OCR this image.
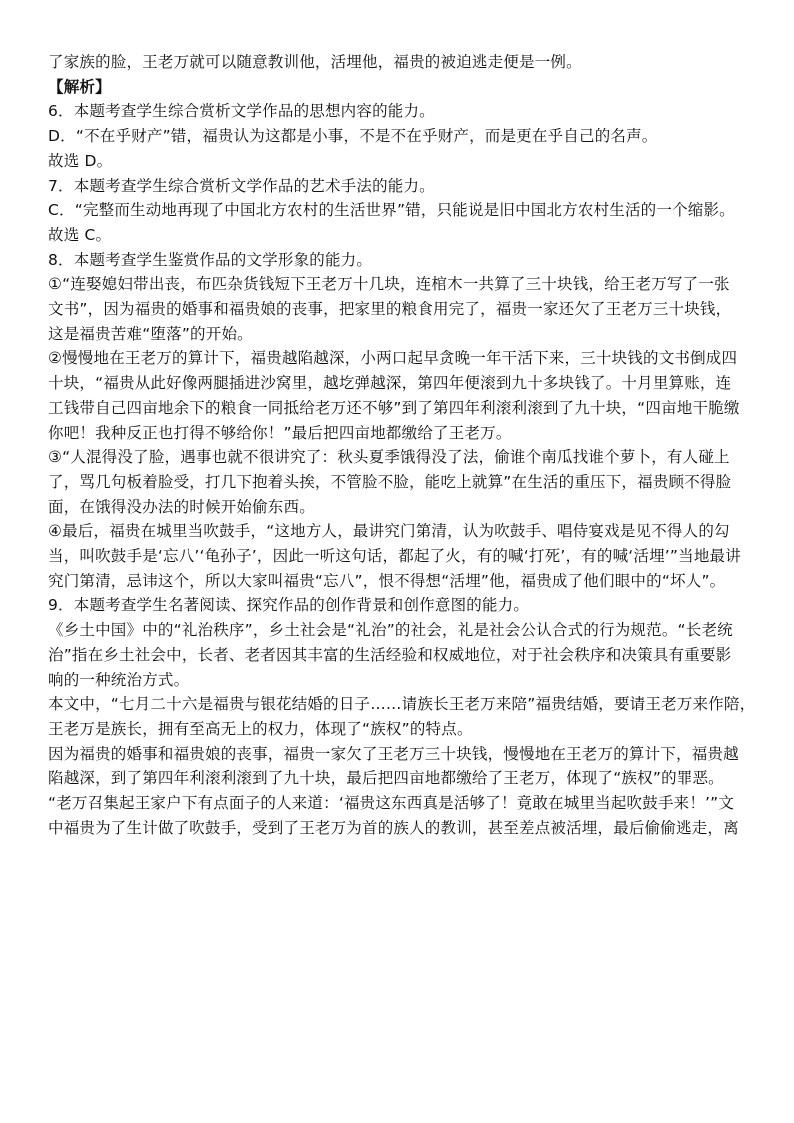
了家族的脸，王老万就可以随意教训他，活埋他，福贵的被迫逃走便是一例。

【解析】

6．本题考查学生综合赏析文学作品的思想内容的能力。

D．“不在乎财产”错，福贵认为这都是小事，不是不在乎财产，而是更在乎自己的名声。

故选 D。

7．本题考查学生综合赏析文学作品的艺术手法的能力。

C．“完整而生动地再现了中国北方农村的生活世界”错，只能说是旧中国北方农村生活的一个缩影。

故选 C。

8．本题考查学生鉴赏作品的文学形象的能力。

①“连娶媳妇带出丧，布匹杂货钱短下王老万十几块，连棺木一共算了三十块钱，给王老万写了一张

文书”，因为福贵的婚事和福贵娘的丧事，把家里的粮食用完了，福贵一家还欠了王老万三十块钱，

这是福贵苦难“堕落”的开始。

②慢慢地在王老万的算计下，福贵越陷越深，小两口起早贪晚一年干活下来，三十块钱的文书倒成四

十块，“福贵从此好像两腿插进沙窝里，越圪弹越深，第四年便滚到九十多块钱了。十月里算账，连

工钱带自己四亩地余下的粮食一同抵给老万还不够”到了第四年利滚利滚到了九十块，“四亩地干脆缴

你吧！我种反正也打得不够给你！”最后把四亩地都缴给了王老万。

③“人混得没了脸，遇事也就不很讲究了：秋头夏季饿得没了法，偷谁个南瓜找谁个萝卜，有人碰上

了，骂几句板着脸受，打几下抱着头挨，不管脸不脸，能吃上就算”在生活的重压下，福贵顾不得脸

面，在饿得没办法的时候开始偷东西。

④最后，福贵在城里当吹鼓手，“这地方人，最讲究门第清，认为吹鼓手、唱侍宴戏是见不得人的勾

当，叫吹鼓手是‘忘八’‘龟孙子’，因此一听这句话，都起了火，有的喊‘打死’，有的喊‘活埋’”当地最讲

究门第清，忌讳这个，所以大家叫福贵“忘八”，恨不得想“活埋”他，福贵成了他们眼中的“坏人”。

9．本题考查学生名著阅读、探究作品的创作背景和创作意图的能力。

《乡土中国》中的“礼治秩序”，乡土社会是“礼治”的社会，礼是社会公认合式的行为规范。“长老统

治”指在乡土社会中，长者、老者因其丰富的生活经验和权威地位，对于社会秩序和决策具有重要影

响的一种统治方式。

本文中，“七月二十六是福贵与银花结婚的日子……请族长王老万来陪”福贵结婚，要请王老万来作陪，

王老万是族长，拥有至高无上的权力，体现了“族权”的特点。

因为福贵的婚事和福贵娘的丧事，福贵一家欠了王老万三十块钱，慢慢地在王老万的算计下，福贵越

陷越深，到了第四年利滚利滚到了九十块，最后把四亩地都缴给了王老万，体现了“族权”的罪恶。

“老万召集起王家户下有点面子的人来道：‘福贵这东西真是活够了！竟敢在城里当起吹鼓手来！’”文

中福贵为了生计做了吹鼓手，受到了王老万为首的族人的教训，甚至差点被活埋，最后偷偷逃走，离
